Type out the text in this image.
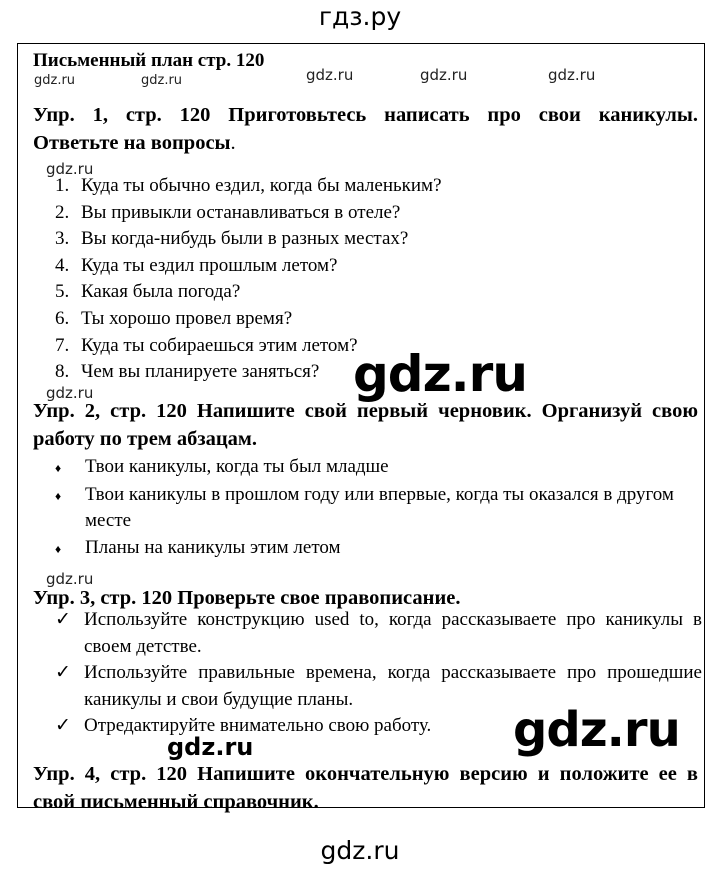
гдз.ру
Письменный план стр. 120
gdz.ru	gdz.ru	gdz.ru	gdz.ru	gdz.ru
Упр. 1, стр. 120 Приготовьтесь написать про свои каникулы.
Ответьте на вопросы.
gdz.ru
1. Куда ты обычно ездил, когда бы маленьким?
2. Вы привыкли останавливаться в отеле?
3. Вы когда-нибудь были в разных местах?
4. Куда ты ездил прошлым летом?
5. Какая была погода?
6. Ты хорошо провел время?
7. Куда ты собираешься этим летом?
8. Чем вы планируете заняться? gdz.ru
gdz.ru
Упр. 2, стр. 120 Напишите свой первый черновик. Организуй свою
работу по трем абзацам.
♦	Твои каникулы, когда ты был младше
♦	Твои каникулы в прошлом году или впервые, когда ты оказался в другом месте
♦	Планы на каникулы этим летом
gdz.ru
Упр. 3, стр. 120 Проверьте свое правописание.
✓ Используйте конструкцию used to, когда рассказываете про каникулы в своем детстве.
✓ Используйте правильные времена, когда рассказываете про прошедшие каникулы и свои будущие планы.
✓ Отредактируйте внимательно свою работу.	gdz.ru
gdz.ru
Упр. 4, стр. 120 Напишите окончательную версию и положите ее в
свой письменный справочник.
gdz.ru
